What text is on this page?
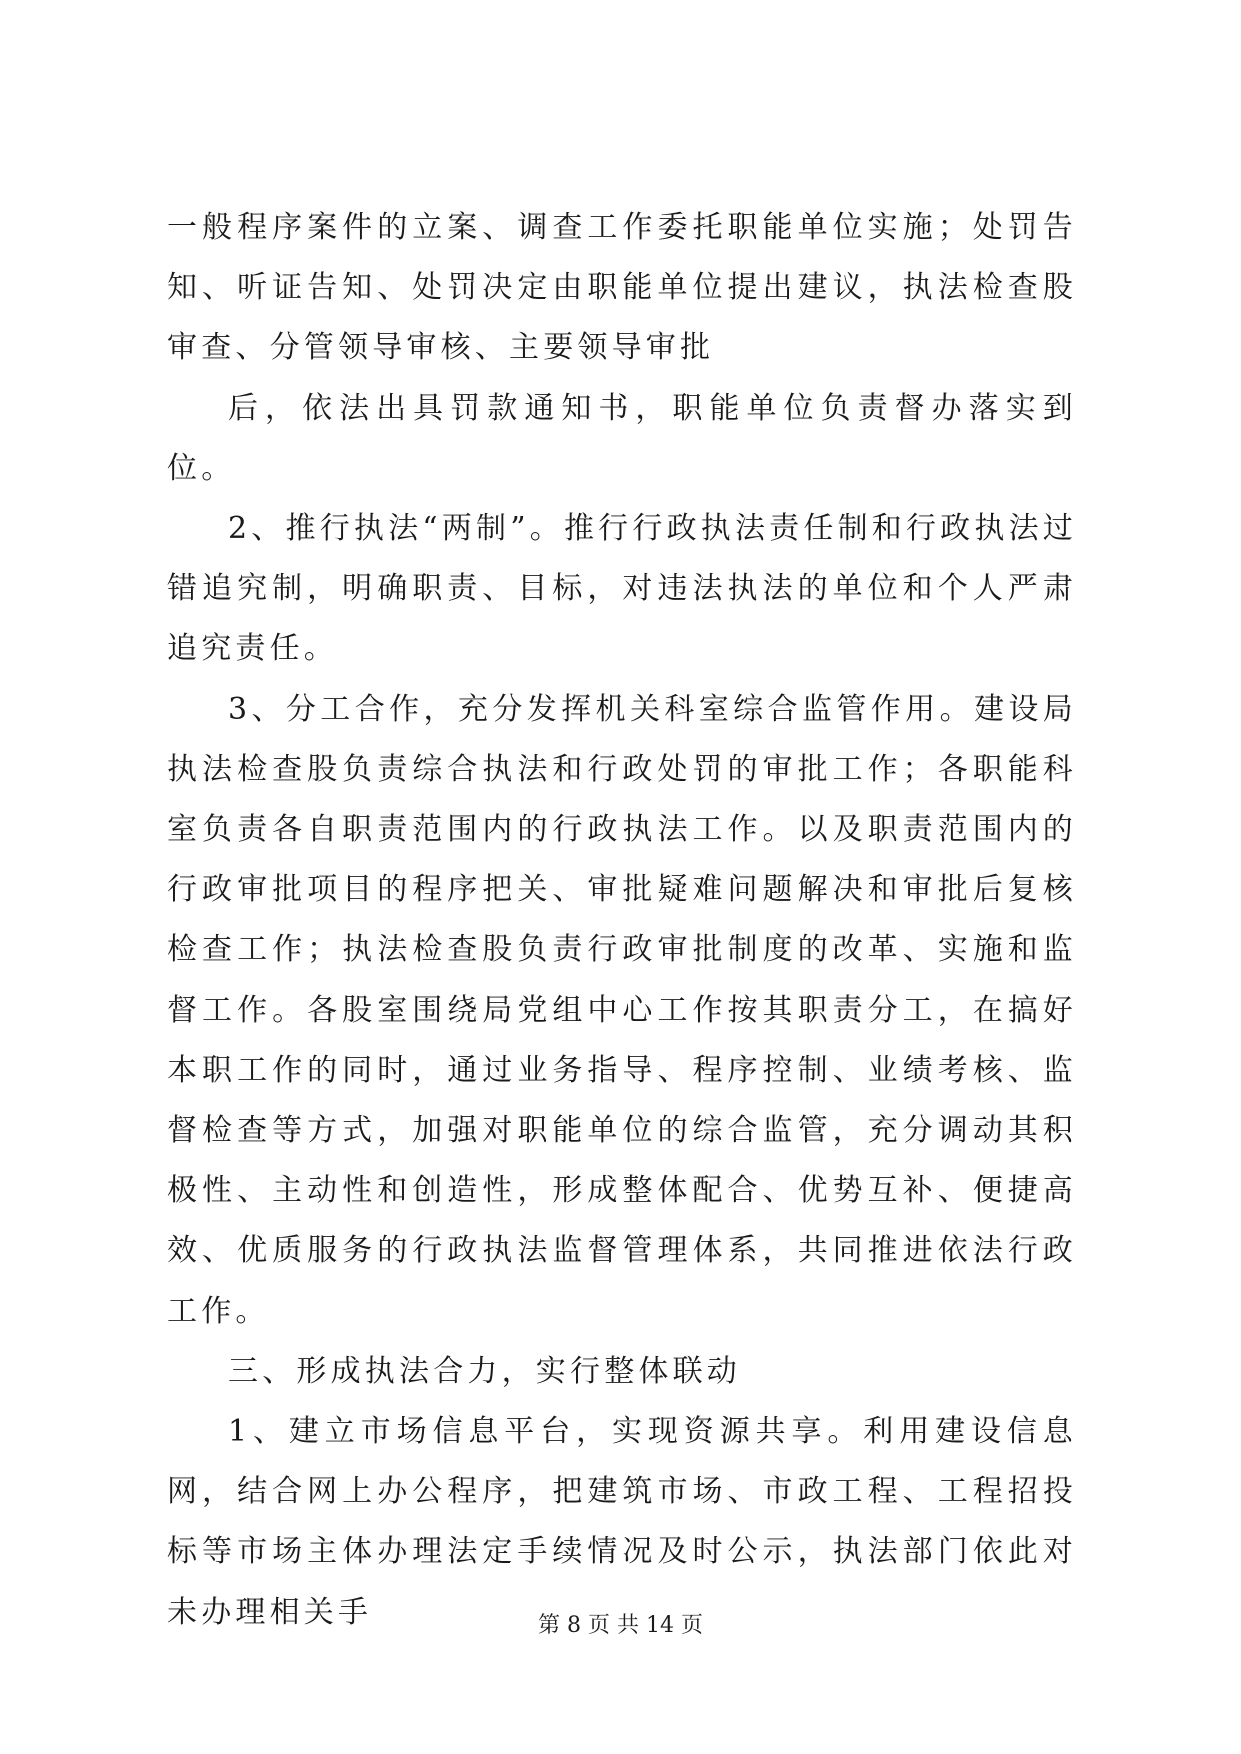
一般程序案件的立案、调查工作委托职能单位实施；处罚告知、听证告知、处罚决定由职能单位提出建议，执法检查股审查、分管领导审核、主要领导审批

后，依法出具罚款通知书，职能单位负责督办落实到位。

2、推行执法“两制”。推行行政执法责任制和行政执法过错追究制，明确职责、目标，对违法执法的单位和个人严肃追究责任。

3、分工合作，充分发挥机关科室综合监管作用。建设局执法检查股负责综合执法和行政处罚的审批工作；各职能科室负责各自职责范围内的行政执法工作。以及职责范围内的行政审批项目的程序把关、审批疑难问题解决和审批后复核检查工作；执法检查股负责行政审批制度的改革、实施和监督工作。各股室围绕局党组中心工作按其职责分工，在搞好本职工作的同时，通过业务指导、程序控制、业绩考核、监督检查等方式，加强对职能单位的综合监管，充分调动其积极性、主动性和创造性，形成整体配合、优势互补、便捷高效、优质服务的行政执法监督管理体系，共同推进依法行政工作。

三、形成执法合力，实行整体联动

1、建立市场信息平台，实现资源共享。利用建设信息网，结合网上办公程序，把建筑市场、市政工程、工程招投标等市场主体办理法定手续情况及时公示，执法部门依此对未办理相关手	第 8 页 共 14 页
